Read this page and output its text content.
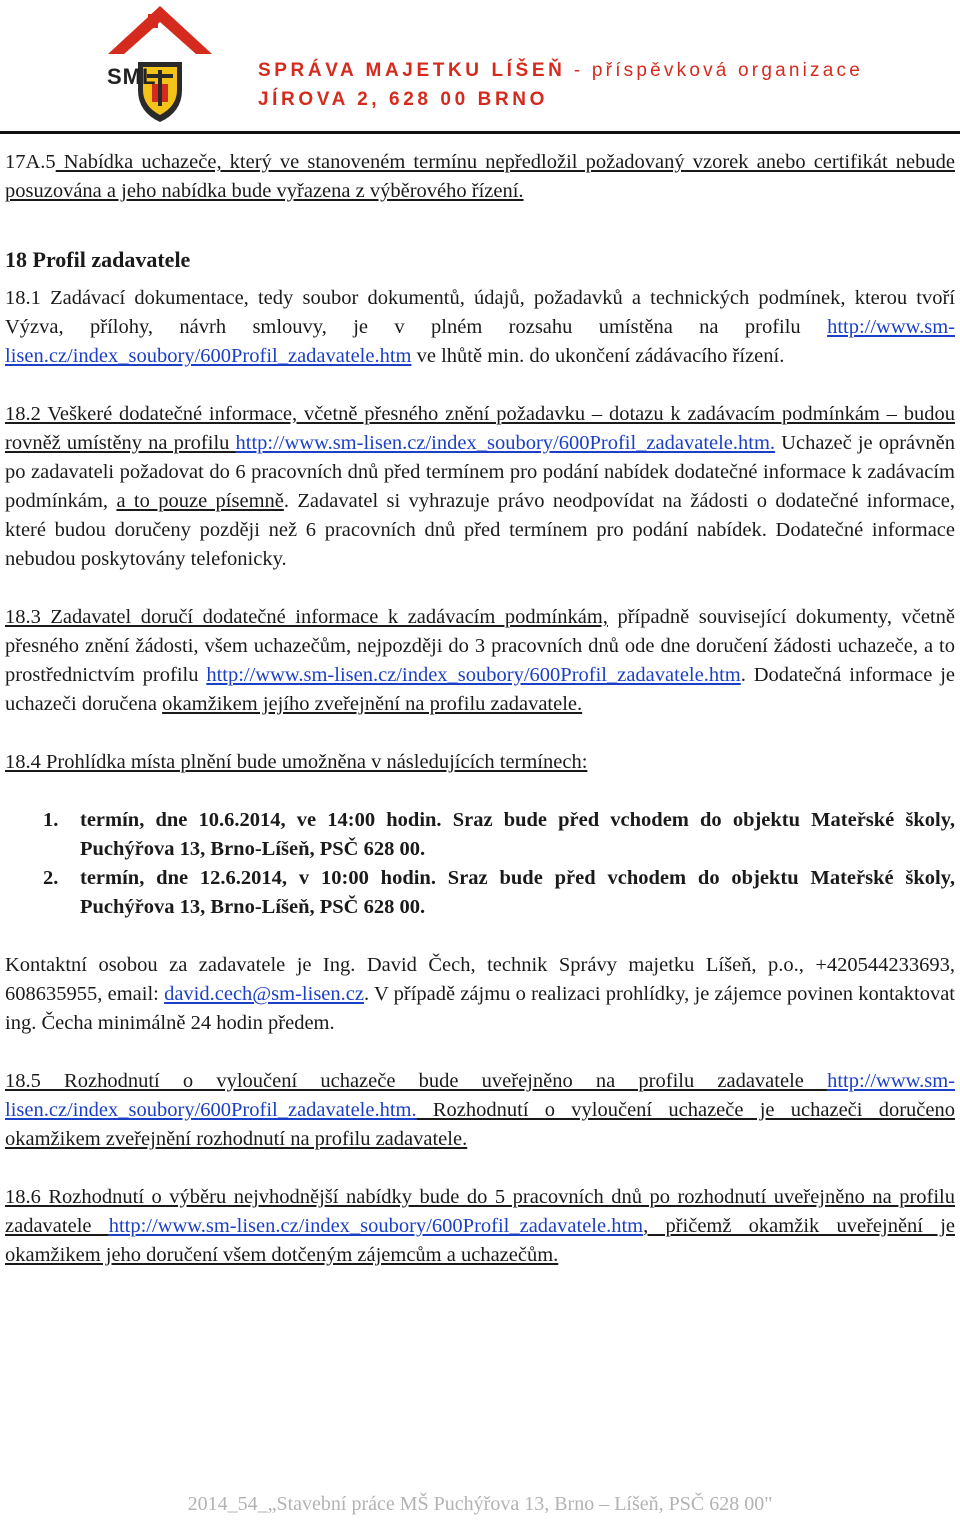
SML	SPRÁVA MAJETKU LÍŠEŇ - příspěvková organizace
JÍROVA 2, 628 00 BRNO

17A.5 Nabídka uchazeče, který ve stanoveném termínu nepředložil požadovaný vzorek anebo certifikát nebude posuzována a jeho nabídka bude vyřazena z výběrového řízení.

18 Profil zadavatele

18.1 Zadávací dokumentace, tedy soubor dokumentů, údajů, požadavků a technických podmínek, kterou tvoří Výzva, přílohy, návrh smlouvy, je v plném rozsahu umístěna na profilu http://www.sm-lisen.cz/index_soubory/600Profil_zadavatele.htm ve lhůtě min. do ukončení zádávacího řízení.

18.2 Veškeré dodatečné informace, včetně přesného znění požadavku – dotazu k zadávacím podmínkám – budou rovněž umístěny na profilu http://www.sm-lisen.cz/index_soubory/600Profil_zadavatele.htm. Uchazeč je oprávněn po zadavateli požadovat do 6 pracovních dnů před termínem pro podání nabídek dodatečné informace k zadávacím podmínkám, a to pouze písemně. Zadavatel si vyhrazuje právo neodpovídat na žádosti o dodatečné informace, které budou doručeny později než 6 pracovních dnů před termínem pro podání nabídek. Dodatečné informace nebudou poskytovány telefonicky.

18.3 Zadavatel doručí dodatečné informace k zadávacím podmínkám, případně související dokumenty, včetně přesného znění žádosti, všem uchazečům, nejpozději do 3 pracovních dnů ode dne doručení žádosti uchazeče, a to prostřednictvím profilu http://www.sm-lisen.cz/index_soubory/600Profil_zadavatele.htm. Dodatečná informace je uchazeči doručena okamžikem jejího zveřejnění na profilu zadavatele.

18.4 Prohlídka místa plnění bude umožněna v následujících termínech:

1. termín, dne 10.6.2014, ve 14:00 hodin. Sraz bude před vchodem do objektu Mateřské školy, Puchýřova 13, Brno-Líšeň, PSČ 628 00.
2. termín, dne 12.6.2014, v 10:00 hodin. Sraz bude před vchodem do objektu Mateřské školy, Puchýřova 13, Brno-Líšeň, PSČ 628 00.

Kontaktní osobou za zadavatele je Ing. David Čech, technik Správy majetku Líšeň, p.o., +420544233693, 608635955, email: david.cech@sm-lisen.cz. V případě zájmu o realizaci prohlídky, je zájemce povinen kontaktovat ing. Čecha minimálně 24 hodin předem.

18.5 Rozhodnutí o vyloučení uchazeče bude uveřejněno na profilu zadavatele http://www.sm-lisen.cz/index_soubory/600Profil_zadavatele.htm. Rozhodnutí o vyloučení uchazeče je uchazeči doručeno okamžikem zveřejnění rozhodnutí na profilu zadavatele.

18.6 Rozhodnutí o výběru nejvhodnější nabídky bude do 5 pracovních dnů po rozhodnutí uveřejněno na profilu zadavatele http://www.sm-lisen.cz/index_soubory/600Profil_zadavatele.htm, přičemž okamžik uveřejnění je okamžikem jeho doručení všem dotčeným zájemcům a uchazečům.

2014_54_„Stavební práce MŠ Puchýřova 13, Brno – Líšeň, PSČ 628 00"
